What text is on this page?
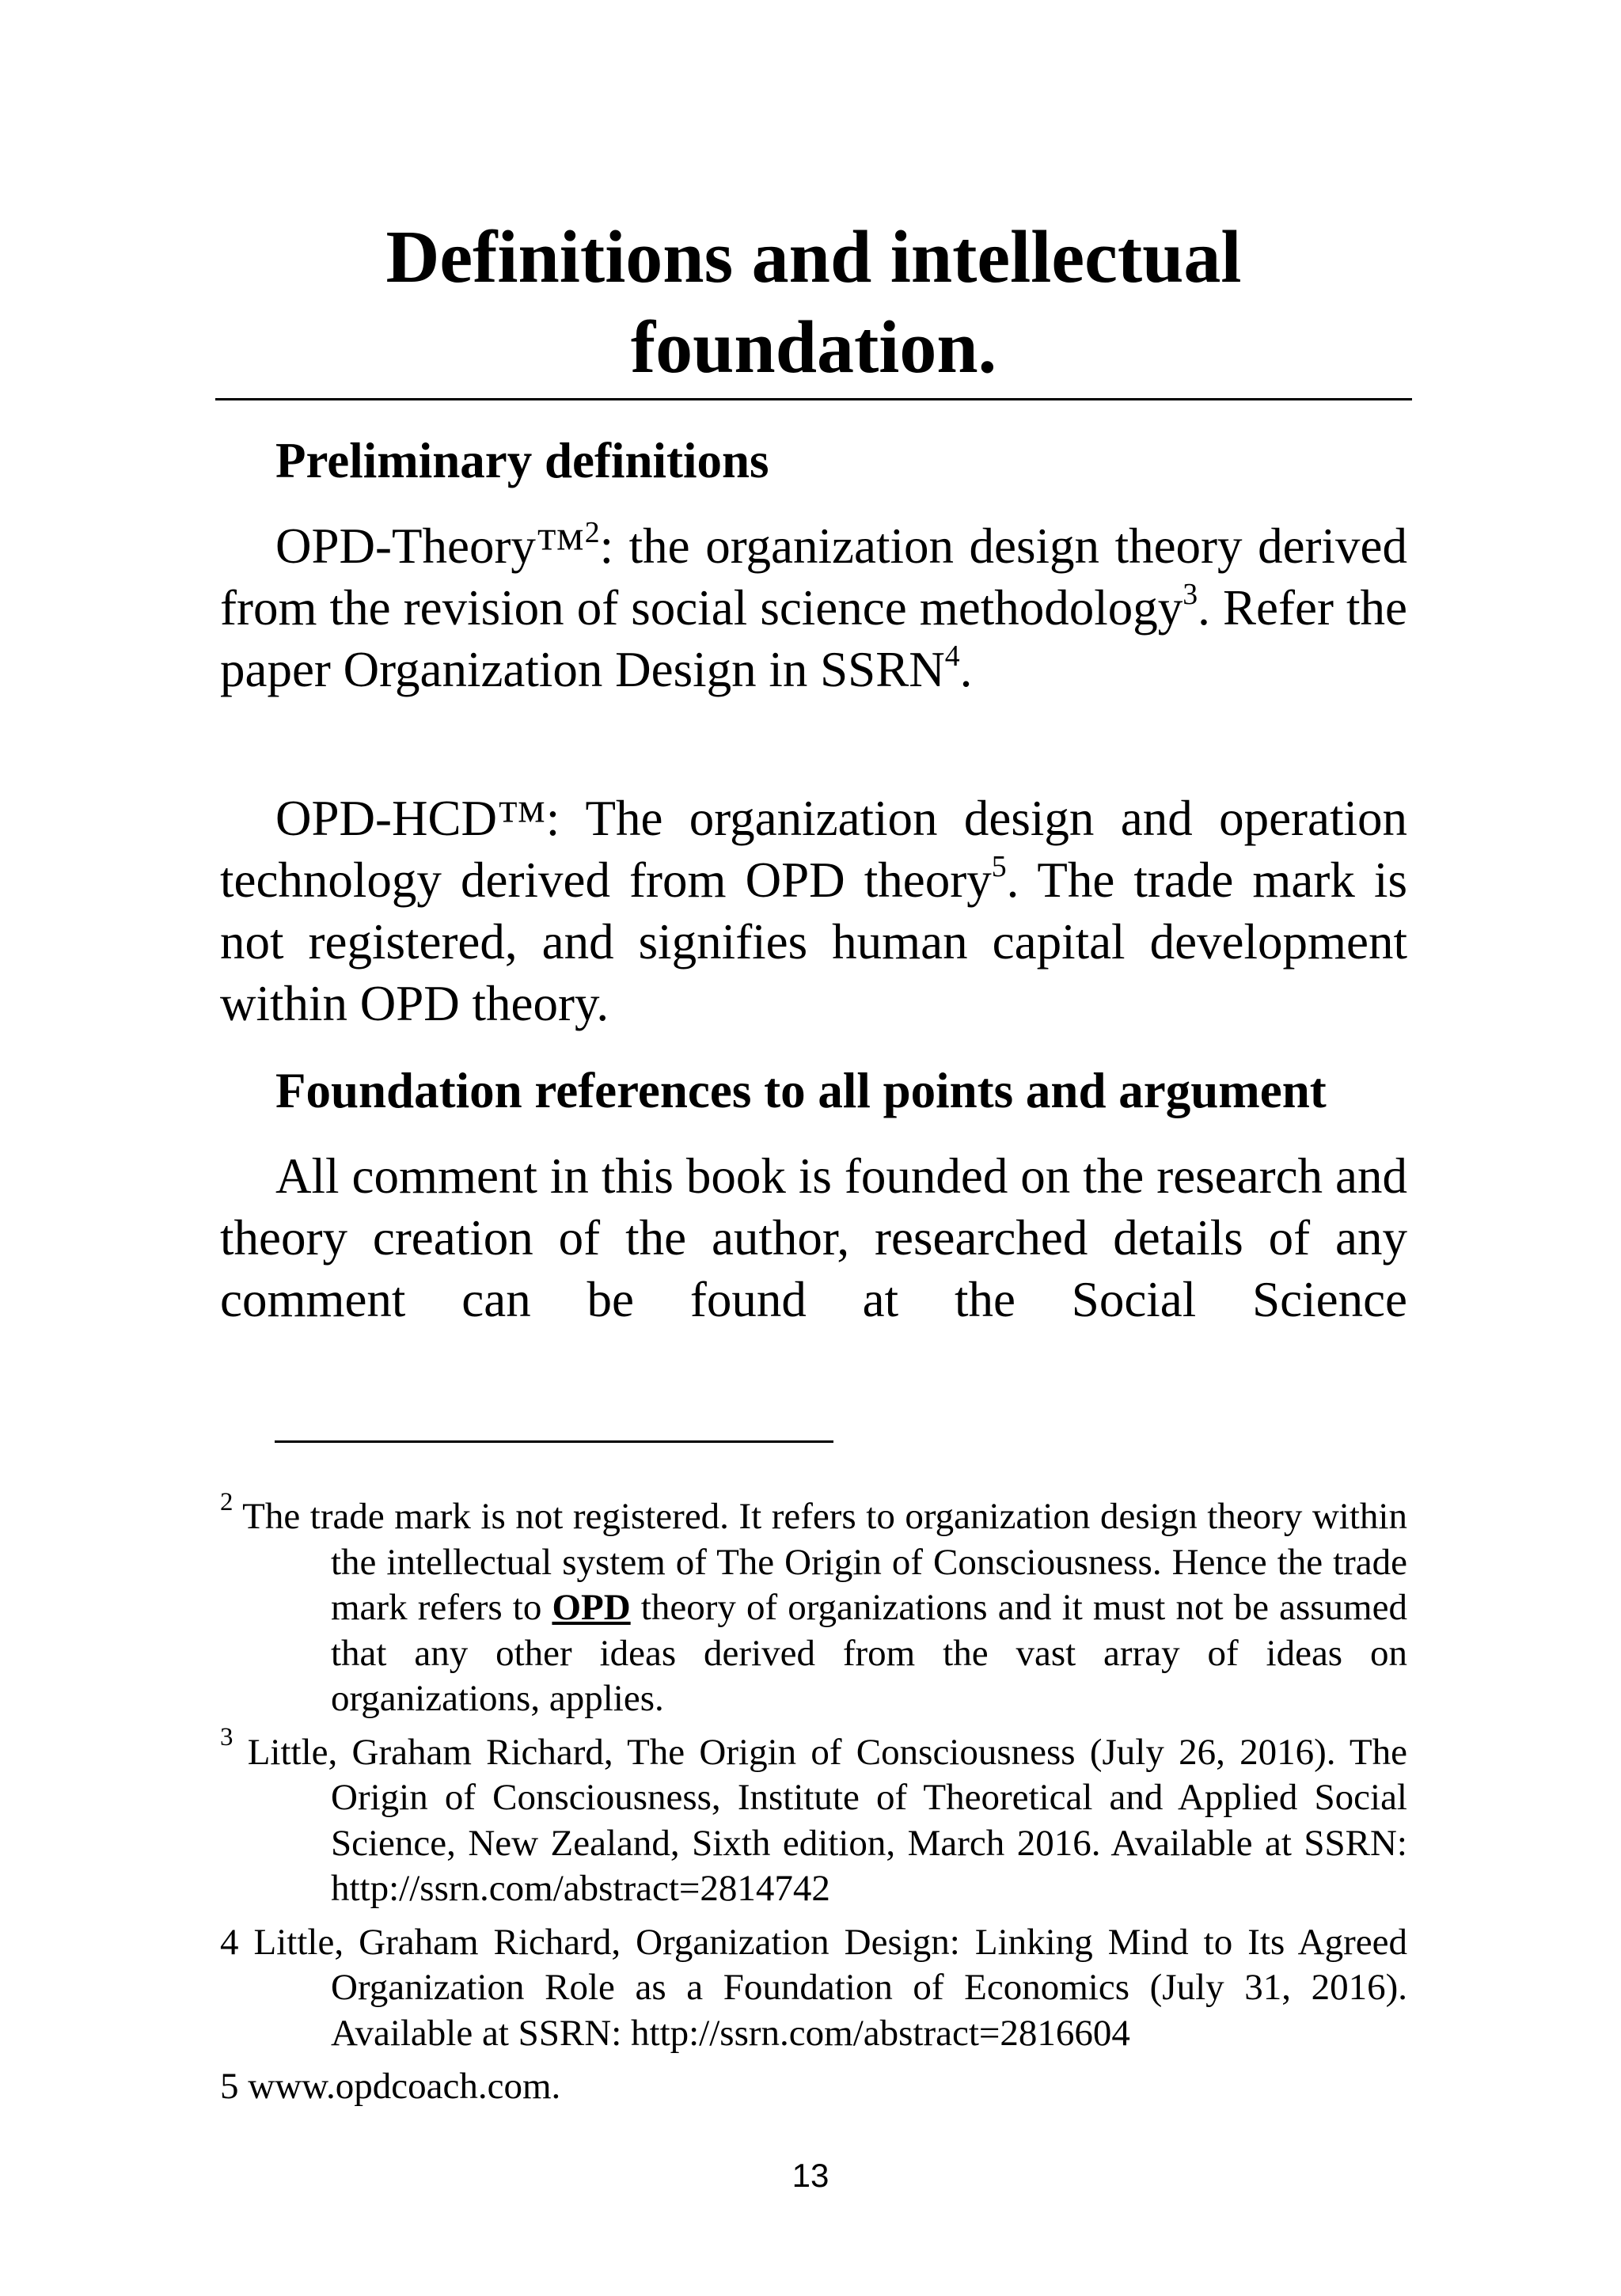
Definitions and intellectual
foundation.

Preliminary definitions

OPD-Theory™$^2$: the organization design theory derived from the revision of social science methodology$^3$. Refer the paper Organization Design in SSRN$^4$.

OPD-HCD™: The organization design and operation technology derived from OPD theory$^5$. The trade mark is not registered, and signifies human capital development within OPD theory.

Foundation references to all points and argument

All comment in this book is founded on the research and theory creation of the author, researched details of any comment can be found at the Social Science

$^2$ The trade mark is not registered. It refers to organization design theory within the intellectual system of The Origin of Consciousness. Hence the trade mark refers to OPD theory of organizations and it must not be assumed that any other ideas derived from the vast array of ideas on organizations, applies.

$^3$ Little, Graham Richard, The Origin of Consciousness (July 26, 2016). The Origin of Consciousness, Institute of Theoretical and Applied Social Science, New Zealand, Sixth edition, March 2016. Available at SSRN: http://ssrn.com/abstract=2814742

4 Little, Graham Richard, Organization Design: Linking Mind to Its Agreed Organization Role as a Foundation of Economics (July 31, 2016). Available at SSRN: http://ssrn.com/abstract=2816604

5 www.opdcoach.com.

13
